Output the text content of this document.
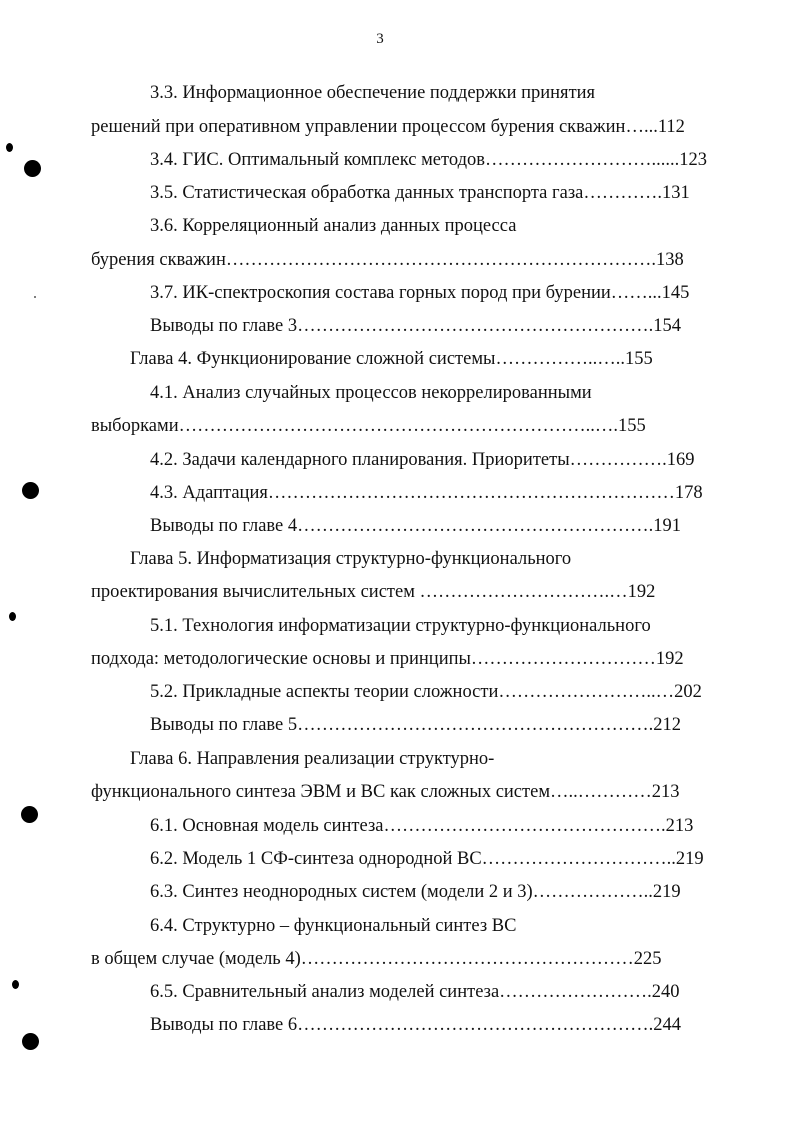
3
3.3. Информационное обеспечение поддержки принятия
решений при оперативном управлении процессом бурения скважин…...112
3.4. ГИС. Оптимальный комплекс методов………………………......123
3.5. Статистическая обработка данных транспорта газа………….131
3.6. Корреляционный анализ данных процесса
бурения скважин…………………………………………………………….138
3.7. ИК-спектроскопия состава горных пород при бурении……...145
Выводы по главе 3………………………………………………….154
Глава 4. Функционирование сложной системы……………..…..155
4.1. Анализ случайных процессов некоррелированными
выборками…………………………………………………………..….155
4.2. Задачи календарного планирования. Приоритеты…………….169
4.3. Адаптация…………………………………………………………178
Выводы по главе 4………………………………………………….191
Глава 5. Информатизация структурно-функционального
проектирования вычислительных систем ………………………….…192
5.1. Технология информатизации структурно-функционального
подхода: методологические основы и принципы…………………………192
5.2. Прикладные аспекты теории сложности……………………..…202
Выводы по главе 5………………………………………………….212
Глава 6. Направления реализации структурно-
функционального синтеза ЭВМ и ВС как сложных систем…..…………213
6.1. Основная модель синтеза……………………………………….213
6.2. Модель 1 СФ-синтеза однородной ВС…………………………..219
6.3. Синтез неоднородных систем (модели 2 и 3)………………..219
6.4. Структурно – функциональный синтез ВС
в общем случае (модель 4)………………………………………………225
6.5. Сравнительный анализ моделей синтеза…………………….240
Выводы по главе 6………………………………………………….244
